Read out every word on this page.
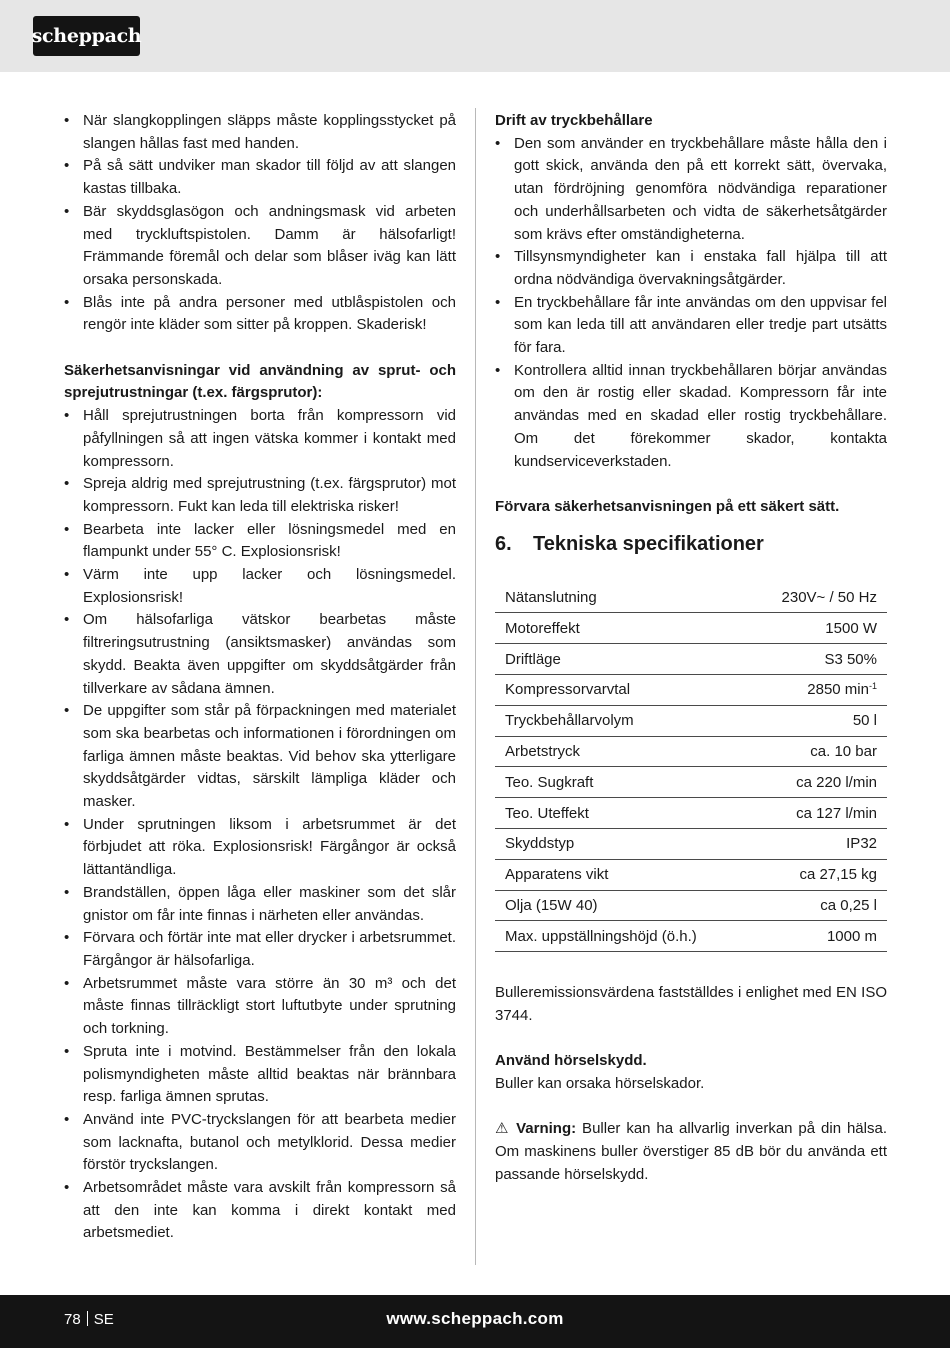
scheppach
• När slangkopplingen släpps måste kopplingsstycket på slangen hållas fast med handen.
• På så sätt undviker man skador till följd av att slangen kastas tillbaka.
• Bär skyddsglasögon och andningsmask vid arbeten med tryckluftspistolen. Damm är hälsofarligt! Främmande föremål och delar som blåser iväg kan lätt orsaka personskada.
• Blås inte på andra personer med utblåspistolen och rengör inte kläder som sitter på kroppen. Skaderisk!

Säkerhetsanvisningar vid användning av sprut- och sprejutrustningar (t.ex. färgsprutor):

• Håll sprejutrustningen borta från kompressorn vid påfyllningen så att ingen vätska kommer i kontakt med kompressorn.
• Spreja aldrig med sprejutrustning (t.ex. färgsprutor) mot kompressorn. Fukt kan leda till elektriska risker!
• Bearbeta inte lacker eller lösningsmedel med en flampunkt under 55° C. Explosionsrisk!
• Värm inte upp lacker och lösningsmedel. Explosionsrisk!
• Om hälsofarliga vätskor bearbetas måste filtreringsutrustning (ansiktsmasker) användas som skydd. Beakta även uppgifter om skyddsåtgärder från tillverkare av sådana ämnen.
• De uppgifter som står på förpackningen med materialet som ska bearbetas och informationen i förordningen om farliga ämnen måste beaktas. Vid behov ska ytterligare skyddsåtgärder vidtas, särskilt lämpliga kläder och masker.
• Under sprutningen liksom i arbetsrummet är det förbjudet att röka. Explosionsrisk! Färgångor är också lättantändliga.
• Brandställen, öppen låga eller maskiner som det slår gnistor om får inte finnas i närheten eller användas.
• Förvara och förtär inte mat eller drycker i arbetsrummet. Färgångor är hälsofarliga.
• Arbetsrummet måste vara större än 30 m³ och det måste finnas tillräckligt stort luftutbyte under sprutning och torkning.
• Spruta inte i motvind. Bestämmelser från den lokala polismyndigheten måste alltid beaktas när brännbara resp. farliga ämnen sprutas.
• Använd inte PVC-tryckslangen för att bearbeta medier som lacknafta, butanol och metylklorid. Dessa medier förstör tryckslangen.
• Arbetsområdet måste vara avskilt från kompressorn så att den inte kan komma i direkt kontakt med arbetsmediet.

Drift av tryckbehållare

• Den som använder en tryckbehållare måste hålla den i gott skick, använda den på ett korrekt sätt, övervaka, utan fördröjning genomföra nödvändiga reparationer och underhållsarbeten och vidta de säkerhetsåtgärder som krävs efter omständigheterna.
• Tillsynsmyndigheter kan i enstaka fall hjälpa till att ordna nödvändiga övervakningsåtgärder.
• En tryckbehållare får inte användas om den uppvisar fel som kan leda till att användaren eller tredje part utsätts för fara.
• Kontrollera alltid innan tryckbehållaren börjar användas om den är rostig eller skadad. Kompressorn får inte användas med en skadad eller rostig tryckbehållare. Om det förekommer skador, kontakta kundserviceverkstaden.

Förvara säkerhetsanvisningen på ett säkert sätt.

6.	Tekniska specifikationer
Nätanslutning	230V~ / 50 Hz
Motoreffekt	1500 W
Driftläge	S3 50%
Kompressorvarvtal	2850 $\min^{-1}$
Tryckbehållarvolym	50 l
Arbetstryck	ca. 10 bar
Teo. Sugkraft	ca 220 l/min
Teo. Uteffekt	ca 127 l/min
Skyddstyp	IP32
Apparatens vikt	ca 27,15 kg
Olja (15W 40)	ca 0,25 l
Max. uppställningshöjd (ö.h.)	1000 m

Bulleremissionsvärdena fastställdes i enlighet med EN ISO 3744.

Använd hörselskydd.

Buller kan orsaka hörselskador.

⚠ Varning: Buller kan ha allvarlig inverkan på din hälsa. Om maskinens buller överstiger 85 dB bör du använda ett passande hörselskydd.

78 SE	www.scheppach.com
